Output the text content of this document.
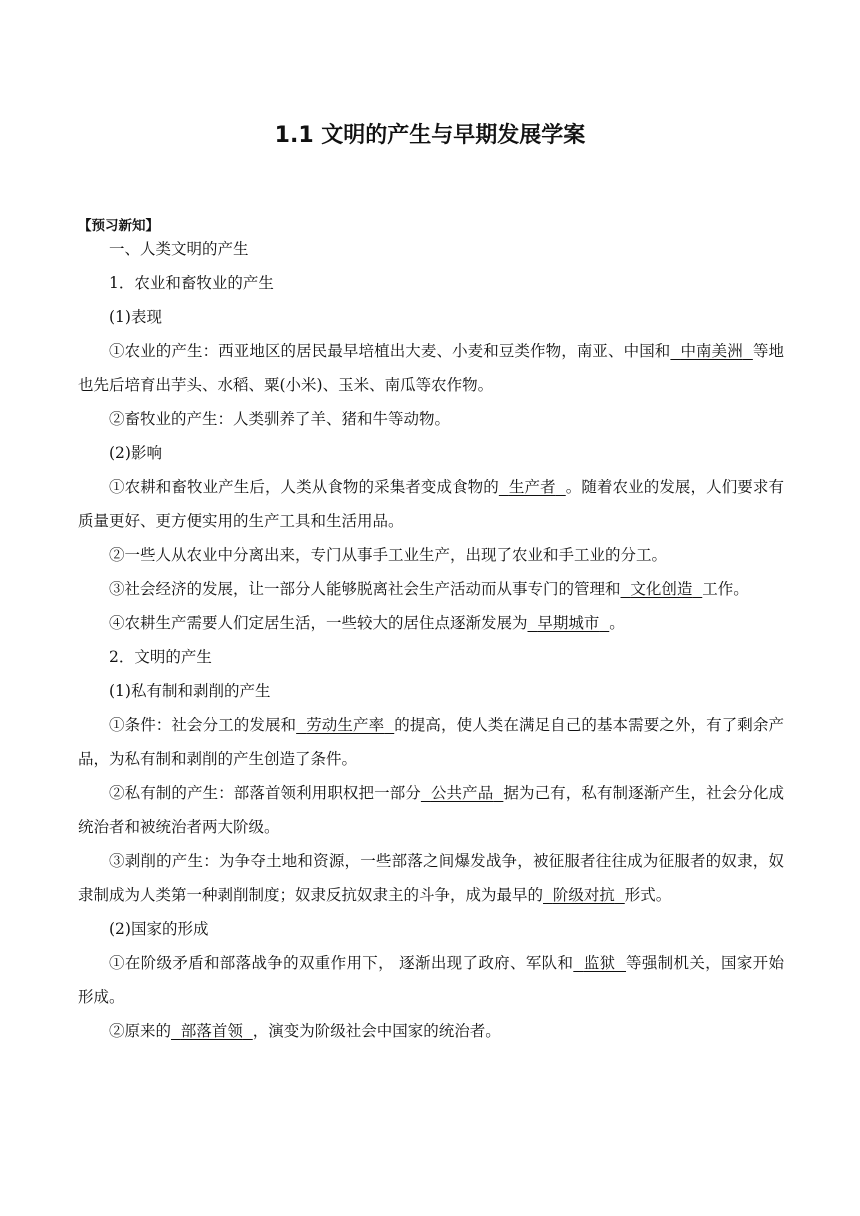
1.1 文明的产生与早期发展学案
【预习新知】

一、人类文明的产生

1．农业和畜牧业的产生

(1)表现

①农业的产生：西亚地区的居民最早培植出大麦、小麦和豆类作物，南亚、中国和 中南美洲 等地也先后培育出芋头、水稻、粟(小米)、玉米、南瓜等农作物。

②畜牧业的产生：人类驯养了羊、猪和牛等动物。

(2)影响

①农耕和畜牧业产生后，人类从食物的采集者变成食物的 生产者 。随着农业的发展，人们要求有质量更好、更方便实用的生产工具和生活用品。

②一些人从农业中分离出来，专门从事手工业生产，出现了农业和手工业的分工。

③社会经济的发展，让一部分人能够脱离社会生产活动而从事专门的管理和 文化创造 工作。

④农耕生产需要人们定居生活，一些较大的居住点逐渐发展为 早期城市 。

2．文明的产生

(1)私有制和剥削的产生

①条件：社会分工的发展和 劳动生产率 的提高，使人类在满足自己的基本需要之外，有了剩余产品，为私有制和剥削的产生创造了条件。

②私有制的产生：部落首领利用职权把一部分 公共产品 据为己有，私有制逐渐产生，社会分化成统治者和被统治者两大阶级。

③剥削的产生：为争夺土地和资源，一些部落之间爆发战争，被征服者往往成为征服者的奴隶，奴隶制成为人类第一种剥削制度；奴隶反抗奴隶主的斗争，成为最早的 阶级对抗 形式。

(2)国家的形成

①在阶级矛盾和部落战争的双重作用下， 逐渐出现了政府、军队和 监狱 等强制机关，国家开始形成。

②原来的 部落首领 ，演变为阶级社会中国家的统治者。
